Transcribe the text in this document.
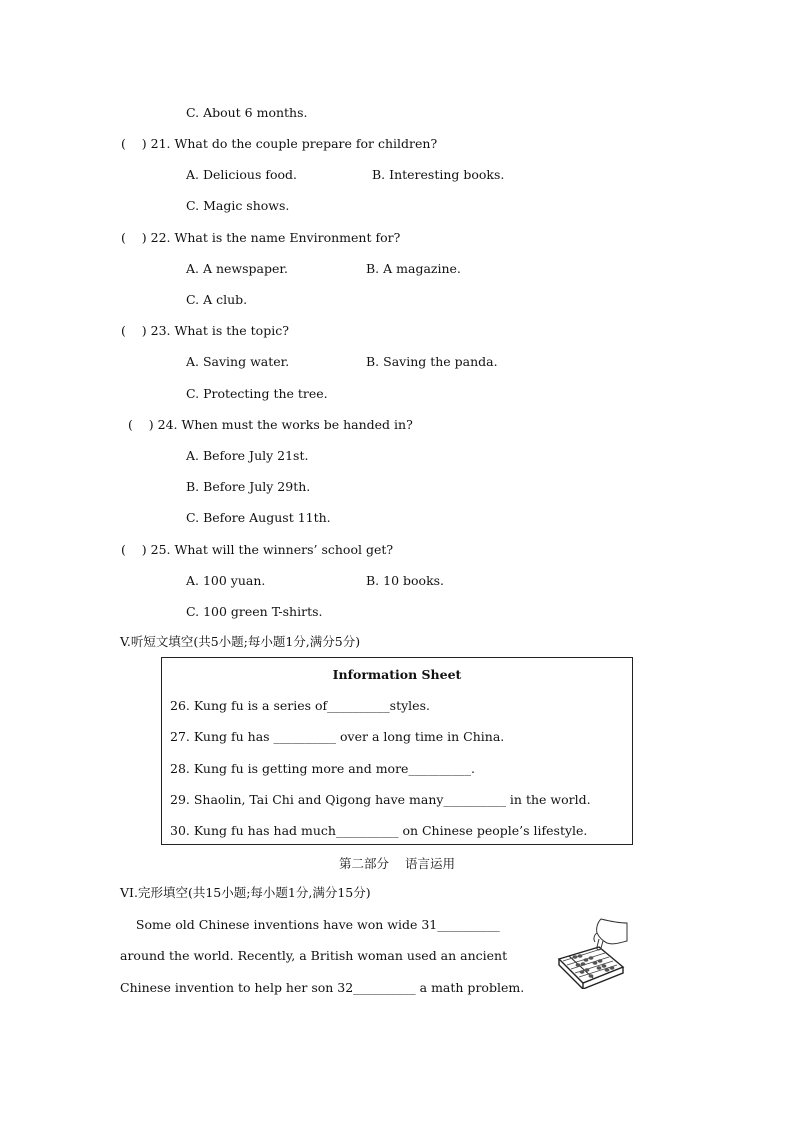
C. About 6 months.
(    ) 21. What do the couple prepare for children?
A. Delicious food.	B. Interesting books.
C. Magic shows.
(    ) 22. What is the name Environment for?
A. A newspaper.	B. A magazine.
C. A club.
(    ) 23. What is the topic?
A. Saving water.	B. Saving the panda.
C. Protecting the tree.
(    ) 24. When must the works be handed in?
A. Before July 21st.
B. Before July 29th.
C. Before August 11th.
(    ) 25. What will the winners’ school get?
A. 100 yuan.	B. 10 books.
C. 100 green T-shirts.
V.听短文填空(共5小题;每小题1分,满分5分)
Information Sheet
26. Kung fu is a series of__________styles.
27. Kung fu has __________ over a long time in China.
28. Kung fu is getting more and more__________.
29. Shaolin, Tai Chi and Qigong have many__________ in the world.
30. Kung fu has had much__________ on Chinese people’s lifestyle.
第二部分    语言运用
VI.完形填空(共15小题;每小题1分,满分15分)
Some old Chinese inventions have won wide 31__________
around the world. Recently, a British woman used an ancient
Chinese invention to help her son 32__________ a math problem.
